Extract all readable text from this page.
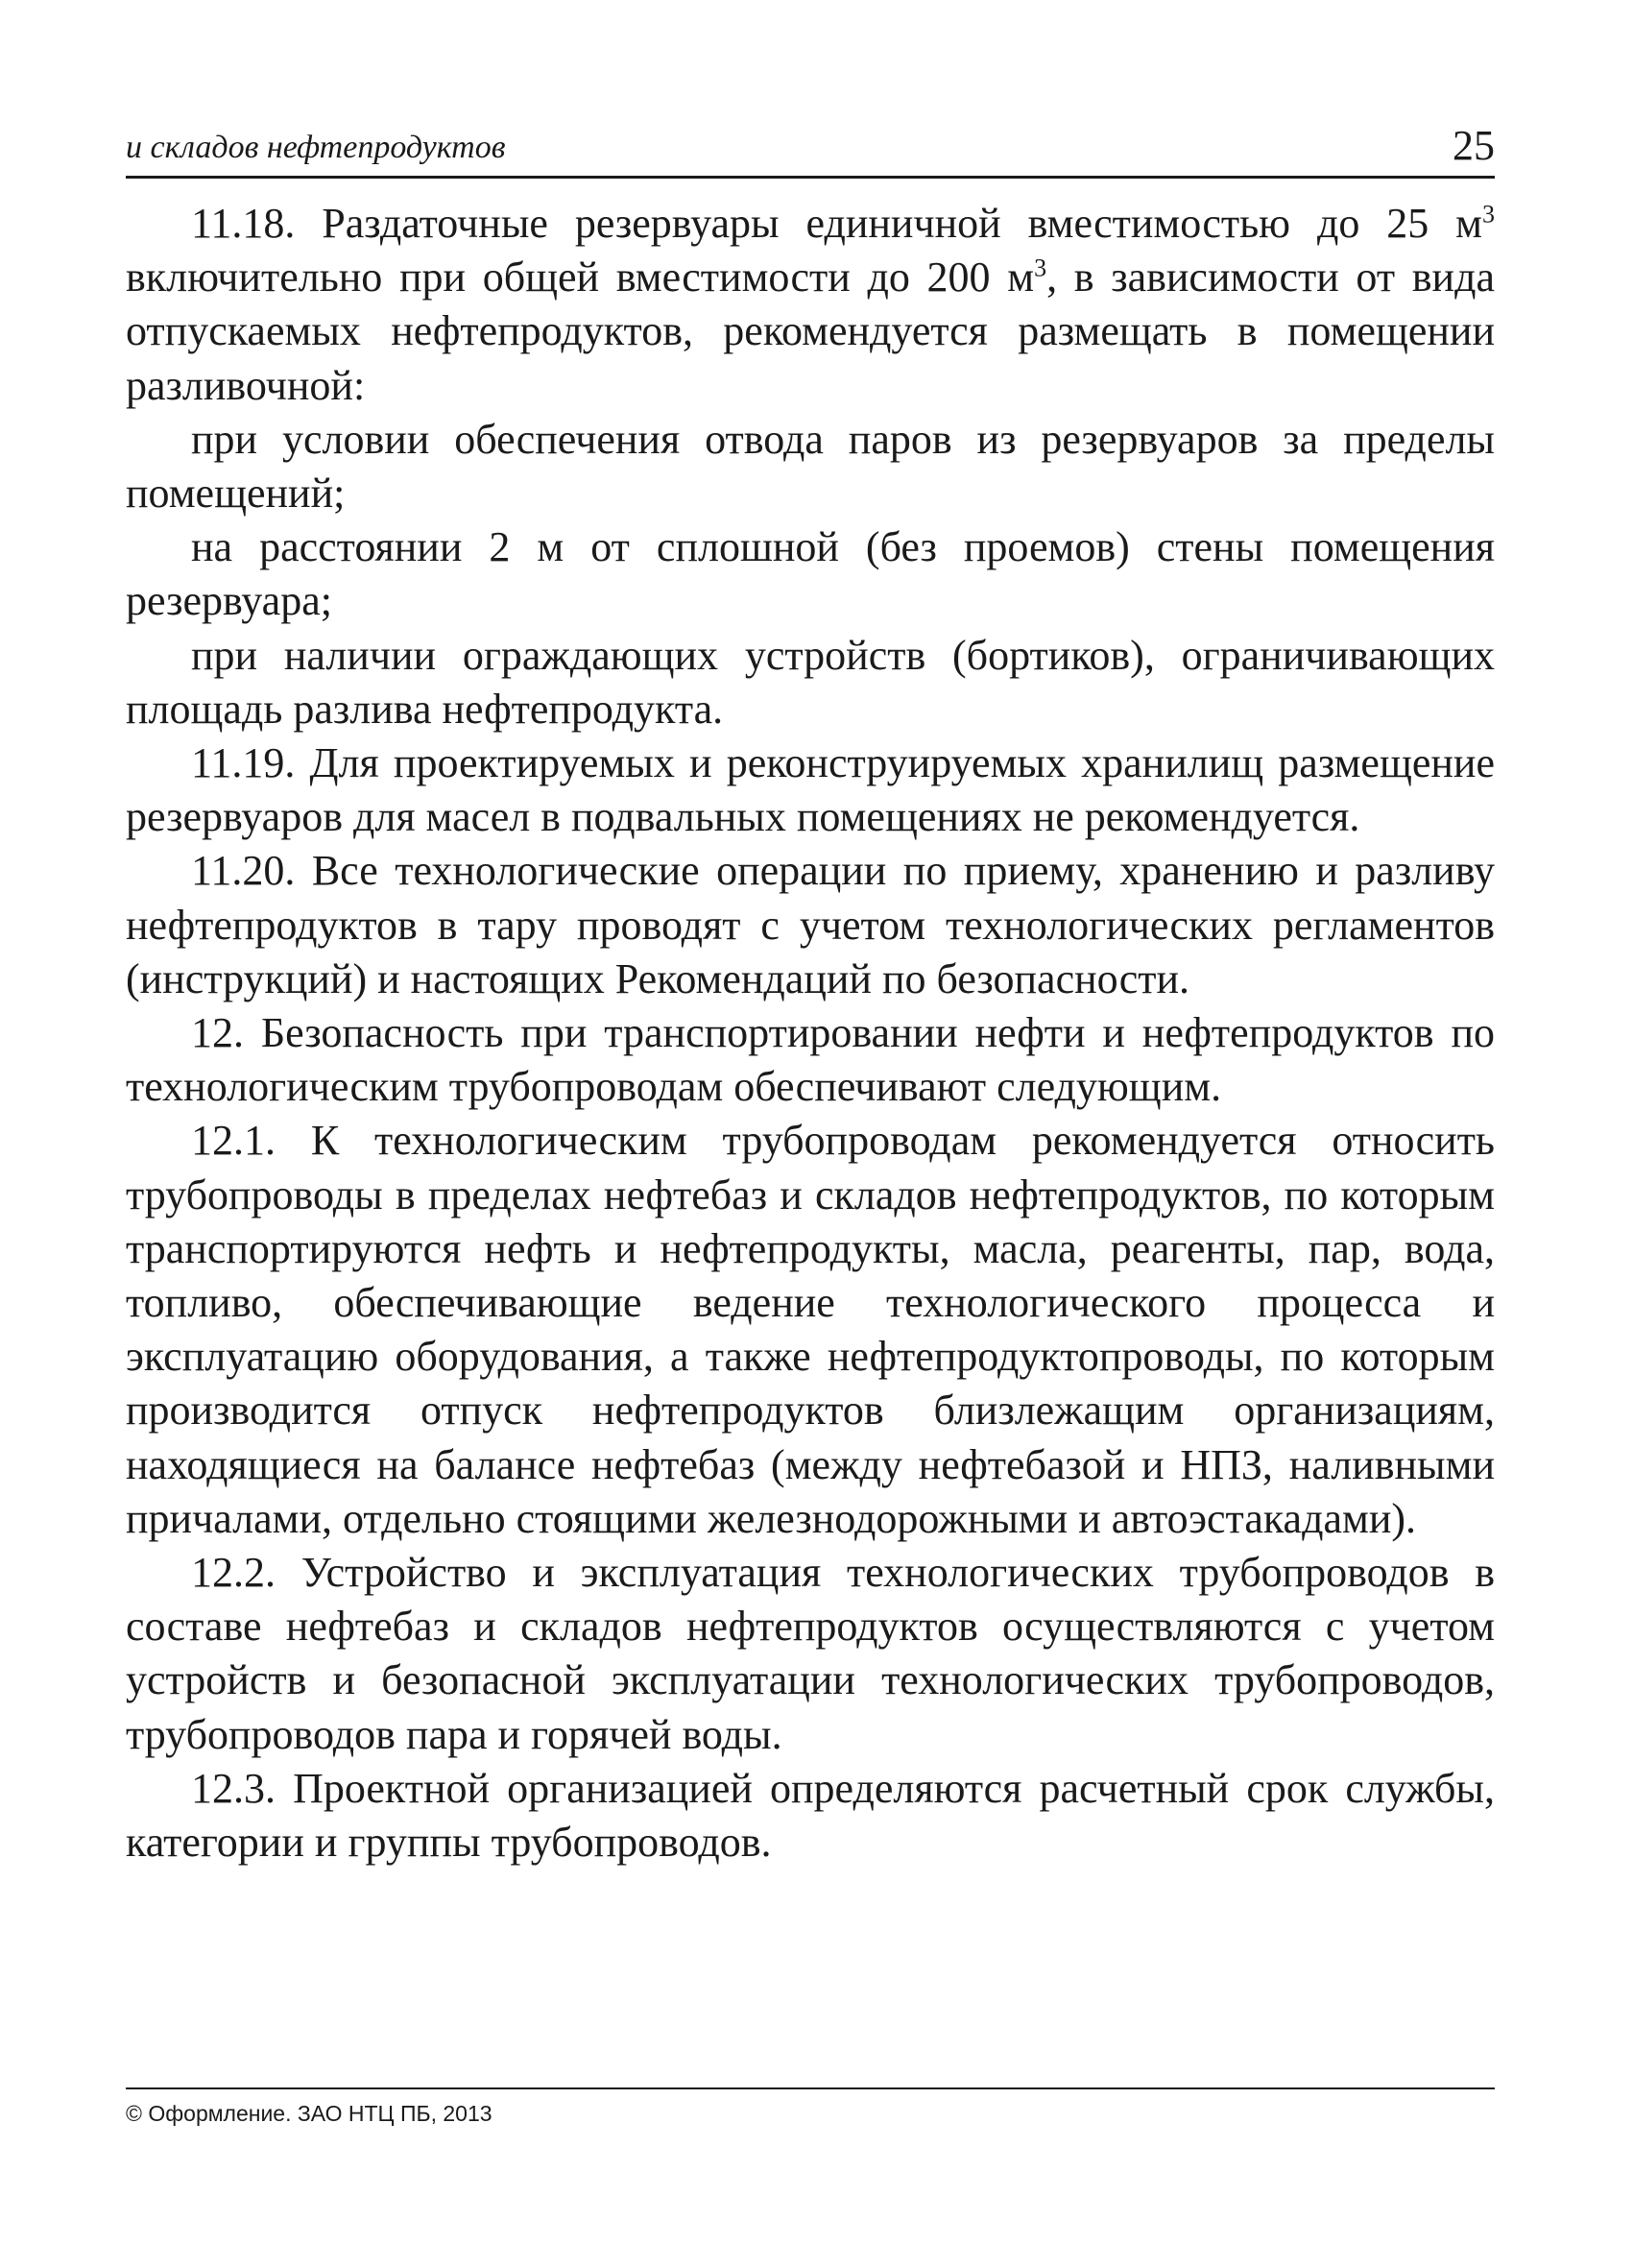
и складов нефтепродуктов	25

11.18. Раздаточные резервуары единичной вместимостью до 25 $м^3$ включительно при общей вместимости до 200 $м^3$, в зависимости от вида отпускаемых нефтепродуктов, рекомендуется размещать в помещении разливочной:

при условии обеспечения отвода паров из резервуаров за пределы помещений;

на расстоянии 2 м от сплошной (без проемов) стены помещения резервуара;

при наличии ограждающих устройств (бортиков), ограничивающих площадь разлива нефтепродукта.

11.19. Для проектируемых и реконструируемых хранилищ размещение резервуаров для масел в подвальных помещениях не рекомендуется.

11.20. Все технологические операции по приему, хранению и разливу нефтепродуктов в тару проводят с учетом технологических регламентов (инструкций) и настоящих Рекомендаций по безопасности.

12. Безопасность при транспортировании нефти и нефтепродуктов по технологическим трубопроводам обеспечивают следующим.

12.1. К технологическим трубопроводам рекомендуется относить трубопроводы в пределах нефтебаз и складов нефтепродуктов, по которым транспортируются нефть и нефтепродукты, масла, реагенты, пар, вода, топливо, обеспечивающие ведение технологического процесса и эксплуатацию оборудования, а также нефтепродуктопроводы, по которым производится отпуск нефтепродуктов близлежащим организациям, находящиеся на балансе нефтебаз (между нефтебазой и НПЗ, наливными причалами, отдельно стоящими железнодорожными и автоэстакадами).

12.2. Устройство и эксплуатация технологических трубопроводов в составе нефтебаз и складов нефтепродуктов осуществляются с учетом устройств и безопасной эксплуатации технологических трубопроводов, трубопроводов пара и горячей воды.

12.3. Проектной организацией определяются расчетный срок службы, категории и группы трубопроводов.

© Оформление. ЗАО НТЦ ПБ, 2013
